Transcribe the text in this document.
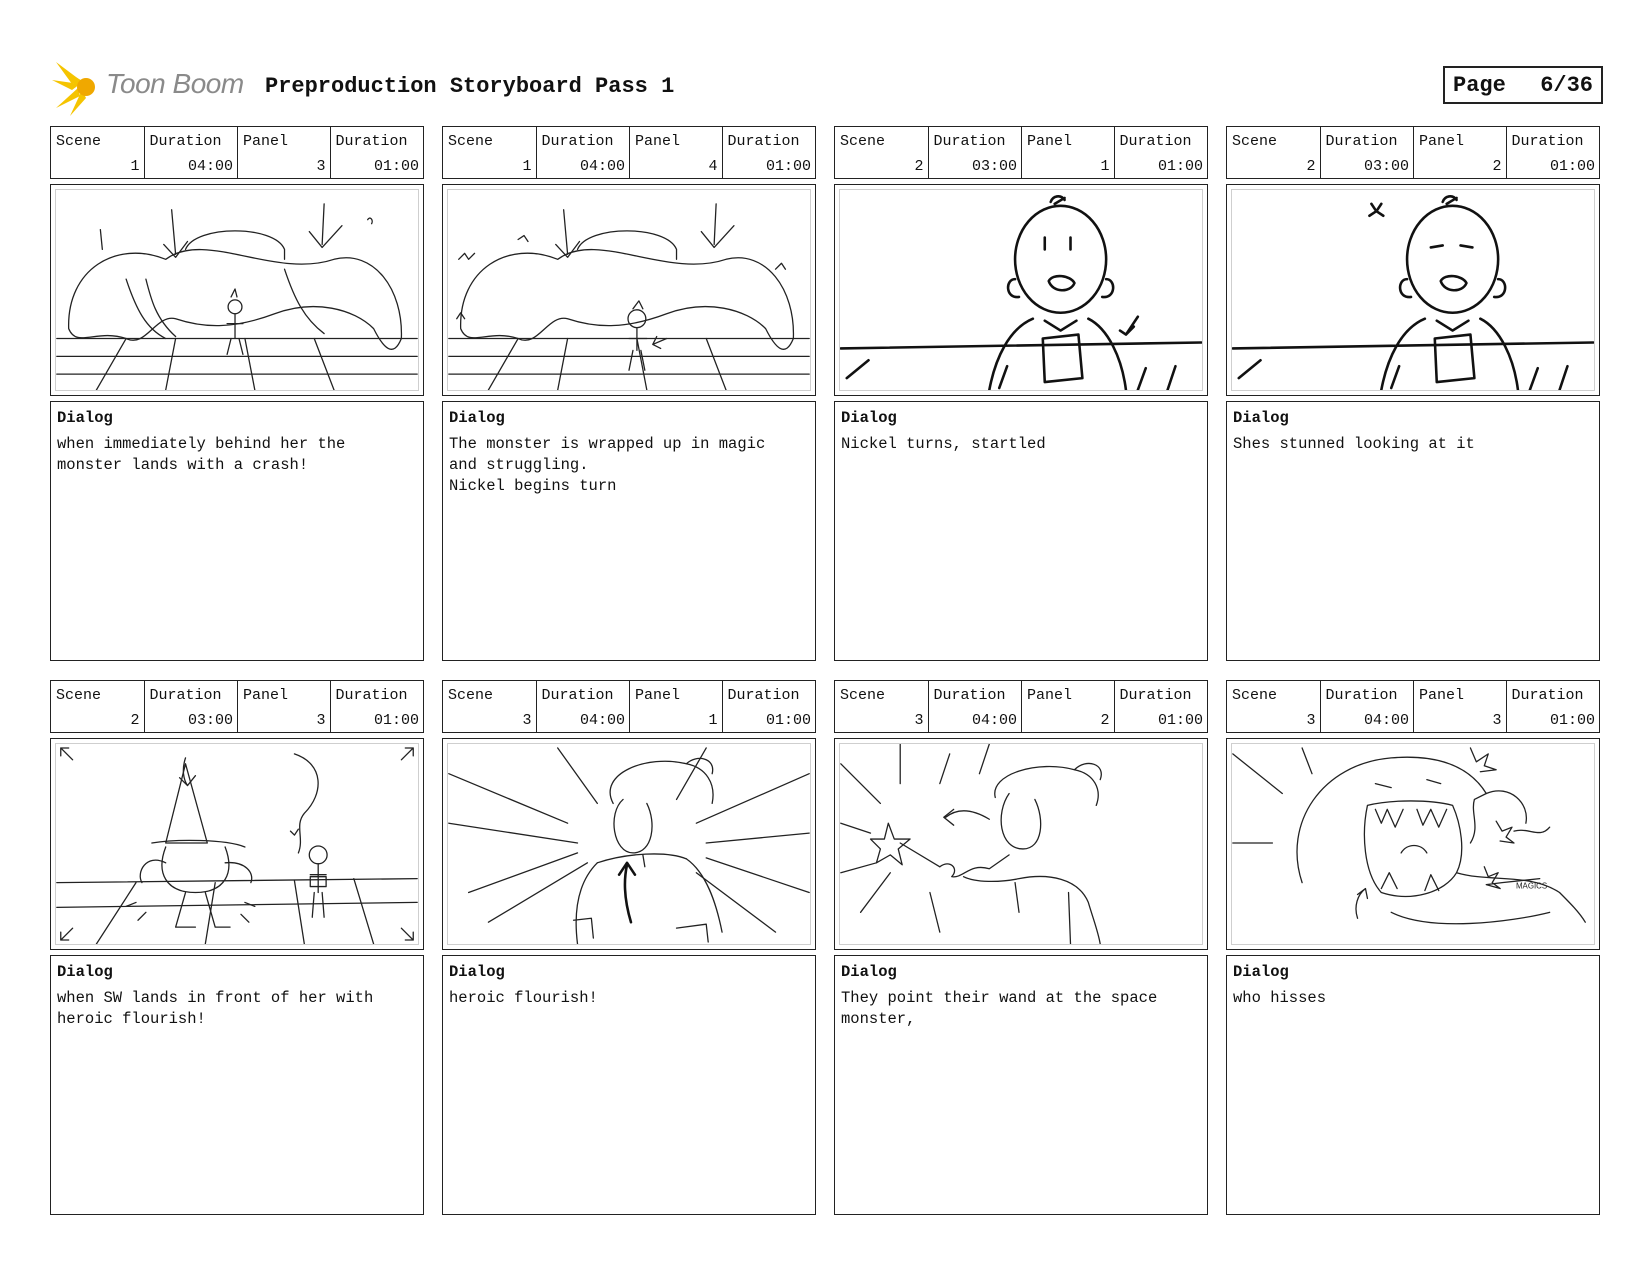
Toon Boom Preproduction Storyboard Pass 1	Page 6/36
Scene
1
Duration
04:00
Panel
3
Duration
01:00
Dialog
when immediately behind her the
monster lands with a crash!
Scene
1
Duration
04:00
Panel
4
Duration
01:00
Dialog
The monster is wrapped up in magic
and struggling.
Nickel begins turn
Scene
2
Duration
03:00
Panel
1
Duration
01:00
Dialog
Nickel turns, startled
Scene
2
Duration
03:00
Panel
2
Duration
01:00
Dialog
Shes stunned looking at it
Scene
2
Duration
03:00
Panel
3
Duration
01:00
Dialog
when SW lands in front of her with
heroic flourish!
Scene
3
Duration
04:00
Panel
1
Duration
01:00
Dialog
heroic flourish!
Scene
3
Duration
04:00
Panel
2
Duration
01:00
Dialog
They point their wand at the space
monster,
Scene
3
Duration
04:00
Panel
3
Duration
01:00
MAGICS
Dialog
who hisses
